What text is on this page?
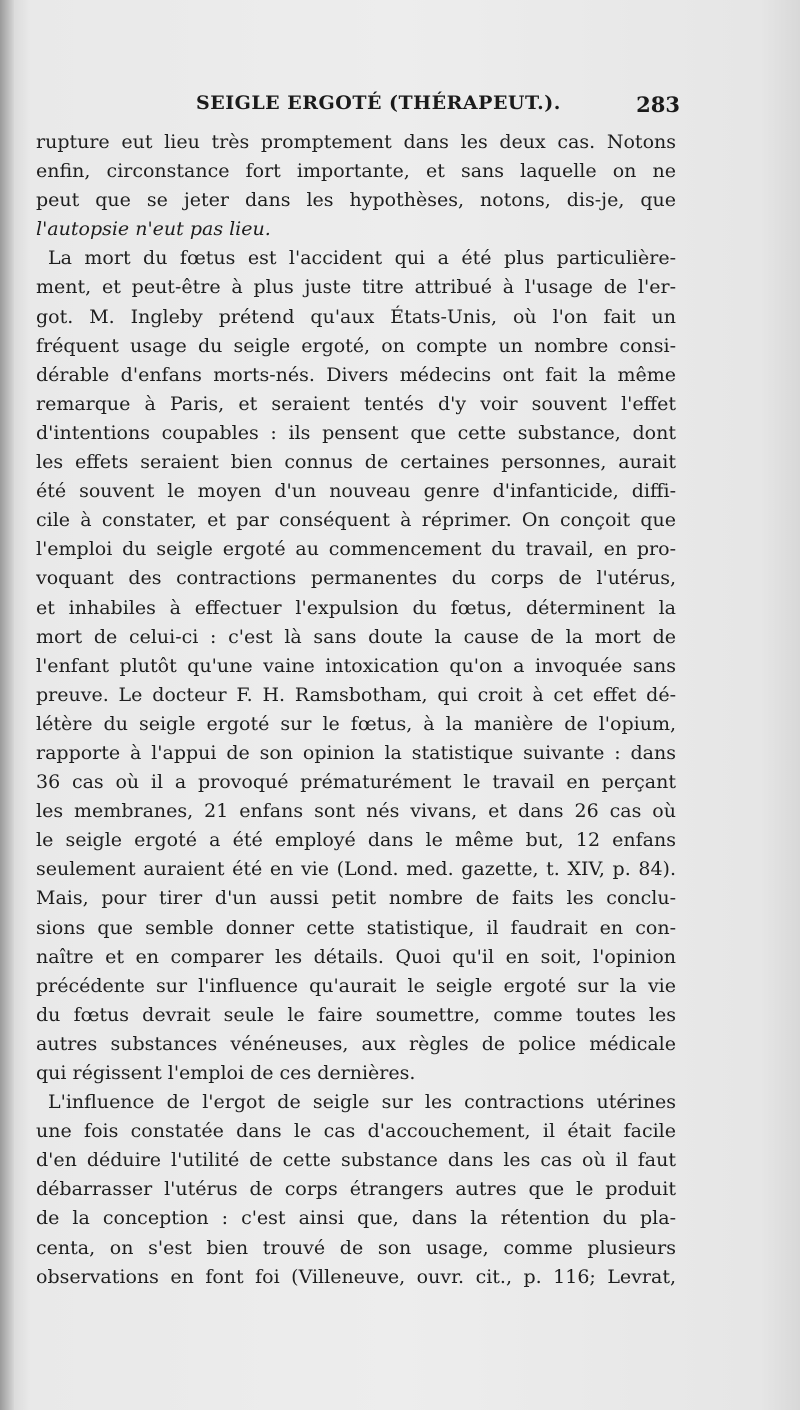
SEIGLE ERGOTÉ (THÉRAPEUT.).	283
rupture eut lieu très promptement dans les deux cas. Notons
enfin, circonstance fort importante, et sans laquelle on ne
peut que se jeter dans les hypothèses, notons, dis-je, que
l'autopsie n'eut pas lieu.
La mort du fœtus est l'accident qui a été plus particulière-
ment, et peut-être à plus juste titre attribué à l'usage de l'er-
got. M. Ingleby prétend qu'aux États-Unis, où l'on fait un
fréquent usage du seigle ergoté, on compte un nombre consi-
dérable d'enfans morts-nés. Divers médecins ont fait la même
remarque à Paris, et seraient tentés d'y voir souvent l'effet
d'intentions coupables : ils pensent que cette substance, dont
les effets seraient bien connus de certaines personnes, aurait
été souvent le moyen d'un nouveau genre d'infanticide, diffi-
cile à constater, et par conséquent à réprimer. On conçoit que
l'emploi du seigle ergoté au commencement du travail, en pro-
voquant des contractions permanentes du corps de l'utérus,
et inhabiles à effectuer l'expulsion du fœtus, déterminent la
mort de celui-ci : c'est là sans doute la cause de la mort de
l'enfant plutôt qu'une vaine intoxication qu'on a invoquée sans
preuve. Le docteur F. H. Ramsbotham, qui croit à cet effet dé-
létère du seigle ergoté sur le fœtus, à la manière de l'opium,
rapporte à l'appui de son opinion la statistique suivante : dans
36 cas où il a provoqué prématurément le travail en perçant
les membranes, 21 enfans sont nés vivans, et dans 26 cas où
le seigle ergoté a été employé dans le même but, 12 enfans
seulement auraient été en vie (Lond. med. gazette, t. XIV, p. 84).
Mais, pour tirer d'un aussi petit nombre de faits les conclu-
sions que semble donner cette statistique, il faudrait en con-
naître et en comparer les détails. Quoi qu'il en soit, l'opinion
précédente sur l'influence qu'aurait le seigle ergoté sur la vie
du fœtus devrait seule le faire soumettre, comme toutes les
autres substances vénéneuses, aux règles de police médicale
qui régissent l'emploi de ces dernières.
L'influence de l'ergot de seigle sur les contractions utérines
une fois constatée dans le cas d'accouchement, il était facile
d'en déduire l'utilité de cette substance dans les cas où il faut
débarrasser l'utérus de corps étrangers autres que le produit
de la conception : c'est ainsi que, dans la rétention du pla-
centa, on s'est bien trouvé de son usage, comme plusieurs
observations en font foi (Villeneuve, ouvr. cit., p. 116; Levrat,
